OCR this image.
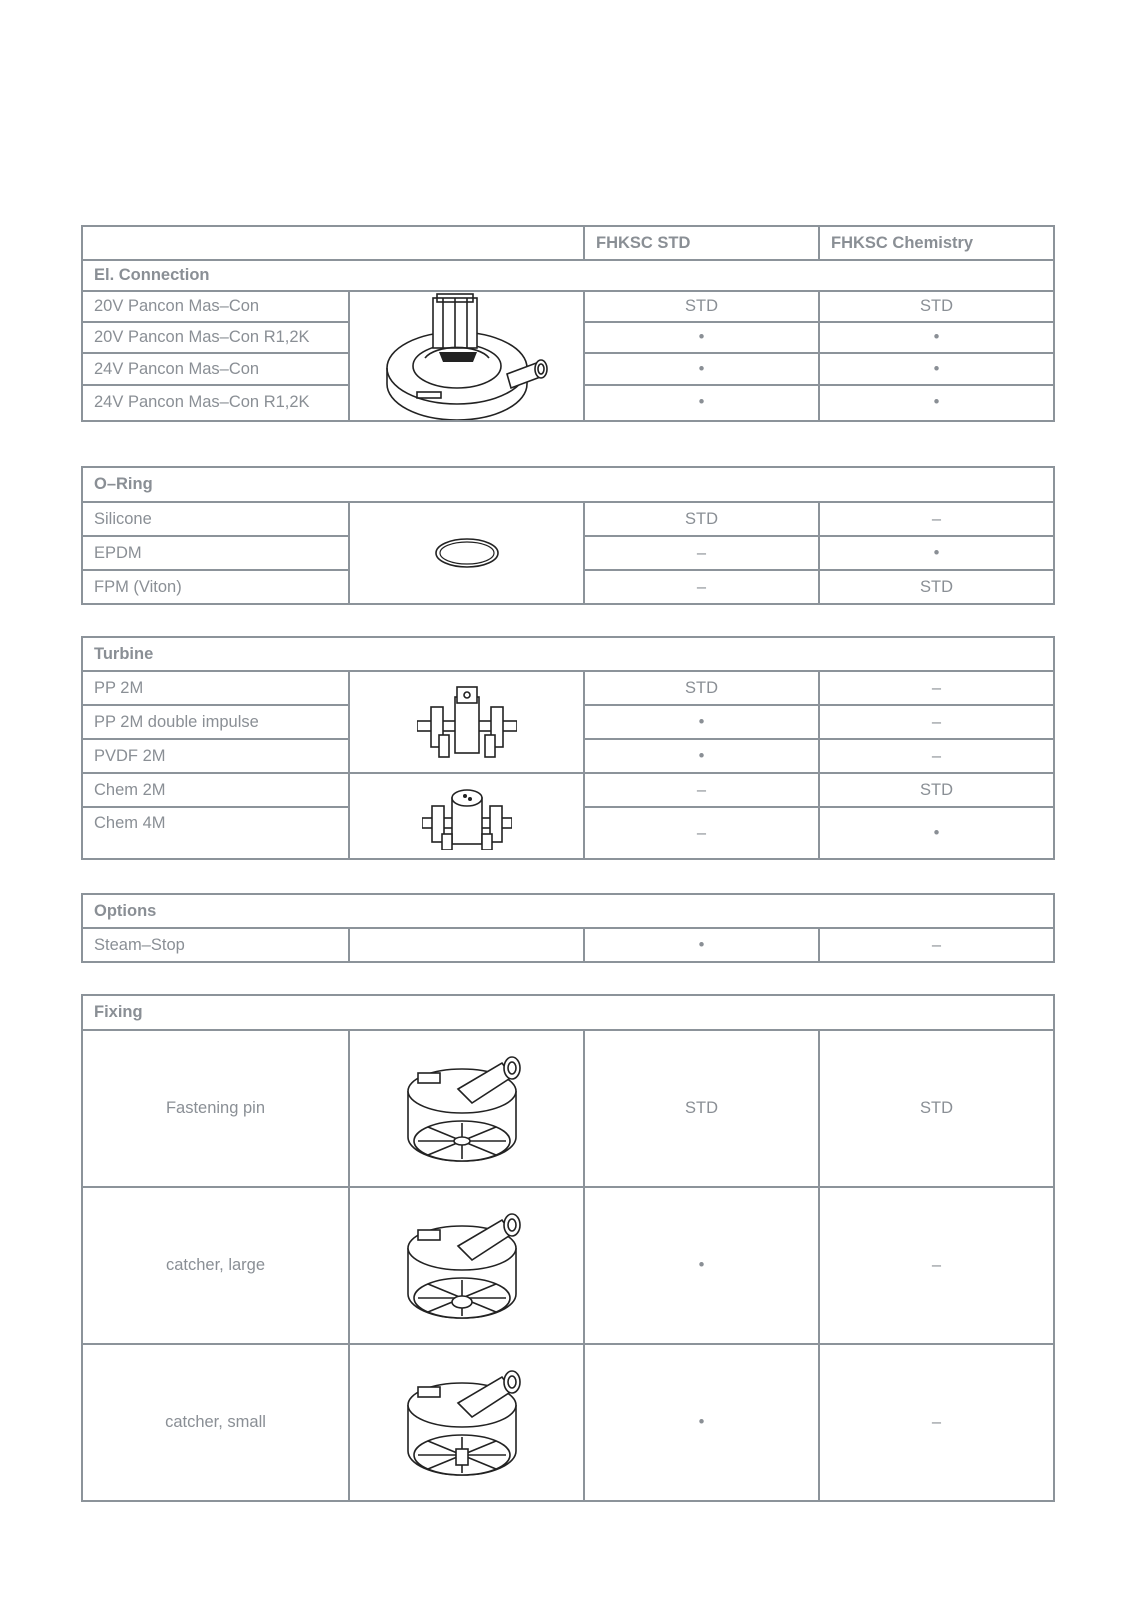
		FHKSC STD	FHKSC Chemistry
El. Connection			
20V Pancon Mas–Con		STD	STD
20V Pancon Mas–Con R1,2K		•	•
24V Pancon Mas–Con		•	•
24V Pancon Mas–Con R1,2K		•	•
O–Ring			
Silicone		STD	–
EPDM		–	•
FPM (Viton)		–	STD
Turbine			
PP 2M		STD	–
PP 2M double impulse		•	–
PVDF 2M		•	–
Chem 2M		–	STD
Chem 4M		–	•
Options
Steam–Stop		•	–
Fixing			
Fastening pin		STD	STD
catcher, large		•	–
catcher, small		•	–
